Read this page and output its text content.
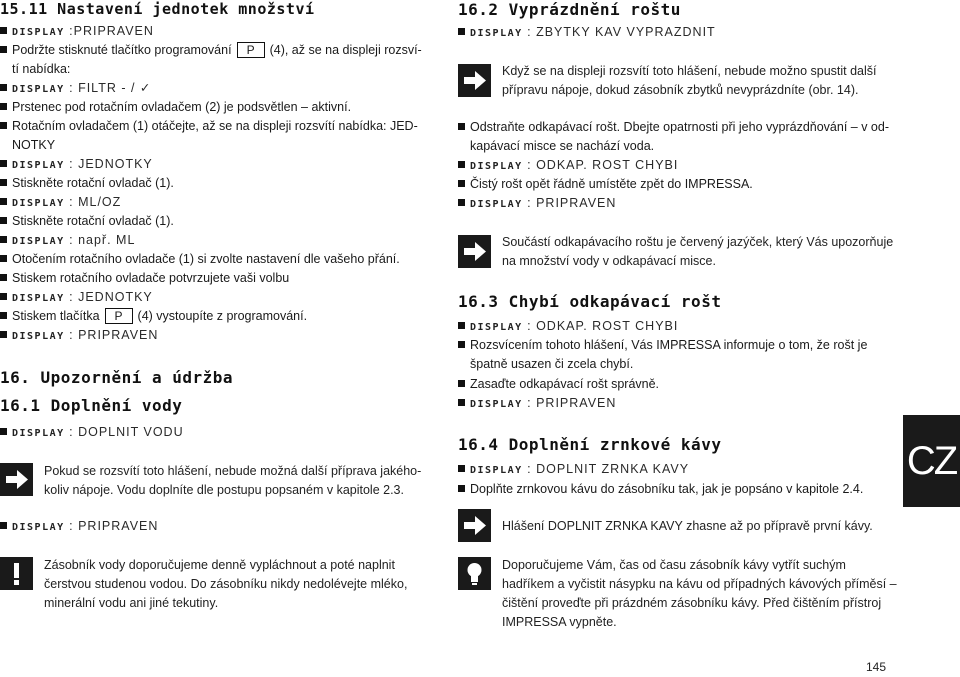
15.11 Nastavení jednotek množství
DISPLAY :PRIPRAVEN
Podržte stisknuté tlačítko programování P (4), až se na displeji rozsví-
tí nabídka:
DISPLAY : FILTR - / ✓
Prstenec pod rotačním ovladačem (2) je podsvětlen – aktivní.
Rotačním ovladačem (1) otáčejte, až se na displeji rozsvítí nabídka: JED-
NOTKY
DISPLAY : JEDNOTKY
Stiskněte rotační ovladač (1).
DISPLAY : ML/OZ
Stiskněte rotační ovladač (1).
DISPLAY : např. ML
Otočením rotačního ovladače (1) si zvolte nastavení dle vašeho přání.
Stiskem rotačního ovladače potvrzujete vaši volbu
DISPLAY : JEDNOTKY
Stiskem tlačítka P (4) vystoupíte z programování.
DISPLAY : PRIPRAVEN
16. Upozornění a údržba
16.1 Doplnění vody
DISPLAY : DOPLNIT VODU
Pokud se rozsvítí toto hlášení, nebude možná další příprava jakého-koliv nápoje. Vodu doplníte dle postupu popsaném v kapitole 2.3.
DISPLAY : PRIPRAVEN
Zásobník vody doporučujeme denně vypláchnout a poté naplnit čerstvou studenou vodou. Do zásobníku nikdy nedolévejte mléko, minerální vodu ani jiné tekutiny.
16.2 Vyprázdnění roštu
DISPLAY : ZBYTKY KAV VYPRAZDNIT
Když se na displeji rozsvítí toto hlášení, nebude možno spustit další přípravu nápoje, dokud zásobník zbytků nevyprázdníte (obr. 14).
Odstraňte odkapávací rošt. Dbejte opatrnosti při jeho vyprázdňování – v od-
kapávací misce se nachází voda.
DISPLAY : ODKAP. ROST CHYBI
Čistý rošt opět řádně umístěte zpět do IMPRESSA.
DISPLAY : PRIPRAVEN
Součástí odkapávacího roštu je červený jazýček, který Vás upozorňuje na množství vody v odkapávací misce.
16.3 Chybí odkapávací rošt
DISPLAY : ODKAP. ROST CHYBI
Rozsvícením tohoto hlášení, Vás IMPRESSA informuje o tom, že rošt je
špatně usazen či zcela chybí.
Zasaďte odkapávací rošt správně.
DISPLAY : PRIPRAVEN
16.4 Doplnění zrnkové kávy
DISPLAY : DOPLNIT ZRNKA KAVY
Doplňte zrnkovou kávu do zásobníku tak, jak je popsáno v kapitole 2.4.
Hlášení DOPLNIT ZRNKA KAVY zhasne až po přípravě první kávy.
Doporučujeme Vám, čas od času zásobník kávy vytřít suchým hadříkem a vyčistit násypku na kávu od případných kávových příměsí – čištění proveďte při prázdném zásobníku kávy. Před čištěním přístroj IMPRESSA vypněte.
CZ
145
